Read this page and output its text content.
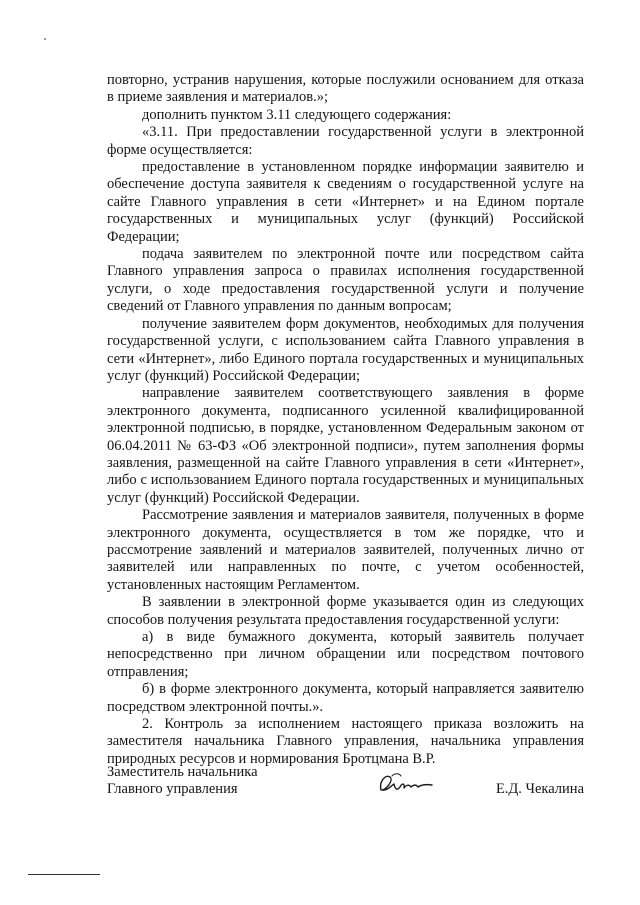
повторно, устранив нарушения, которые послужили основанием для отказа в приеме заявления и материалов.»;

дополнить пунктом 3.11 следующего содержания:

«3.11. При предоставлении государственной услуги в электронной форме осуществляется:

предоставление в установленном порядке информации заявителю и обеспечение доступа заявителя к сведениям о государственной услуге на сайте Главного управления в сети «Интернет» и на Едином портале государственных и муниципальных услуг (функций) Российской Федерации;

подача заявителем по электронной почте или посредством сайта Главного управления запроса о правилах исполнения государственной услуги, о ходе предоставления государственной услуги и получение сведений от Главного управления по данным вопросам;

получение заявителем форм документов, необходимых для получения государственной услуги, с использованием сайта Главного управления в сети «Интернет», либо Единого портала государственных и муниципальных услуг (функций) Российской Федерации;

направление заявителем соответствующего заявления в форме электронного документа, подписанного усиленной квалифицированной электронной подписью, в порядке, установленном Федеральным законом от 06.04.2011 № 63-ФЗ «Об электронной подписи», путем заполнения формы заявления, размещенной на сайте Главного управления в сети «Интернет», либо с использованием Единого портала государственных и муниципальных услуг (функций) Российской Федерации.

Рассмотрение заявления и материалов заявителя, полученных в форме электронного документа, осуществляется в том же порядке, что и рассмотрение заявлений и материалов заявителей, полученных лично от заявителей или направленных по почте, с учетом особенностей, установленных настоящим Регламентом.

В заявлении в электронной форме указывается один из следующих способов получения результата предоставления государственной услуги:

а) в виде бумажного документа, который заявитель получает непосредственно при личном обращении или посредством почтового отправления;

б) в форме электронного документа, который направляется заявителю посредством электронной почты.».

2. Контроль за исполнением настоящего приказа возложить на заместителя начальника Главного управления, начальника управления природных ресурсов и нормирования Бротцмана В.Р.

Заместитель начальника
Главного управления	Е.Д. Чекалина
